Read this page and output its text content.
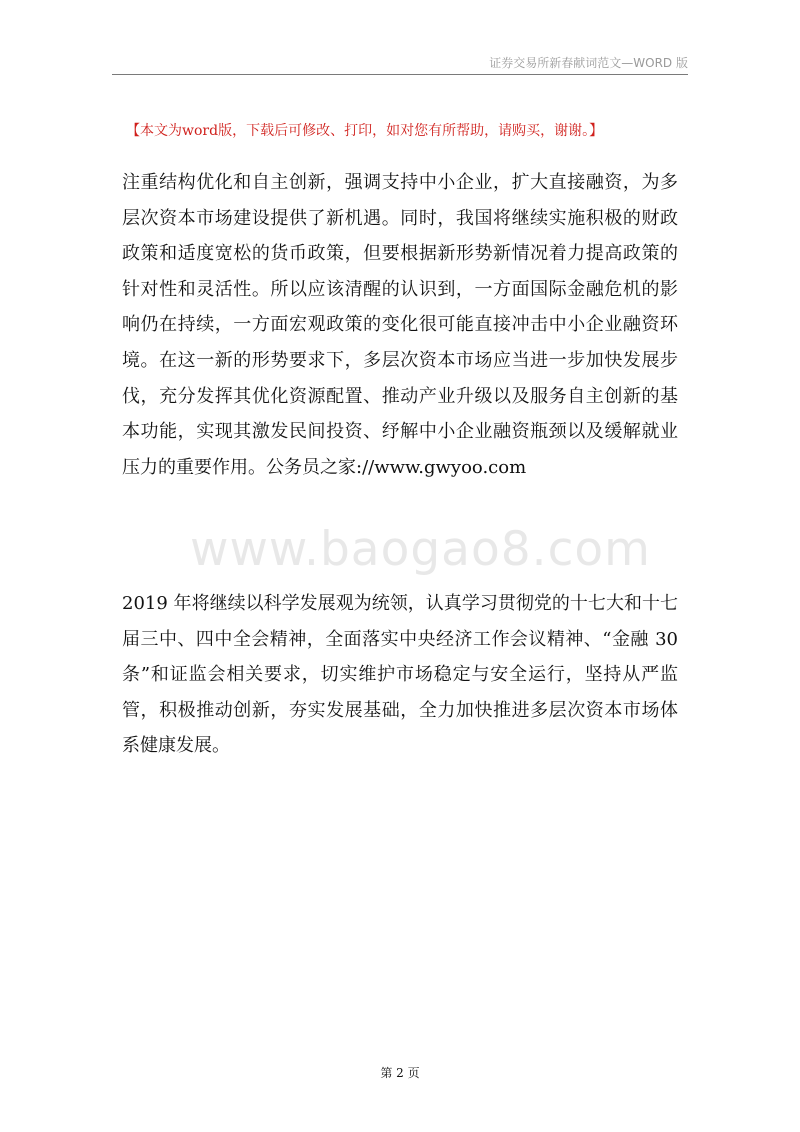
证券交易所新春献词范文—WORD 版
【本文为word版，下载后可修改、打印，如对您有所帮助，请购买，谢谢。】
www.baogao8.com

注重结构优化和自主创新，强调支持中小企业，扩大直接融资，为多层次资本市场建设提供了新机遇。同时，我国将继续实施积极的财政政策和适度宽松的货币政策，但要根据新形势新情况着力提高政策的针对性和灵活性。所以应该清醒的认识到，一方面国际金融危机的影响仍在持续，一方面宏观政策的变化很可能直接冲击中小企业融资环境。在这一新的形势要求下，多层次资本市场应当进一步加快发展步伐，充分发挥其优化资源配置、推动产业升级以及服务自主创新的基本功能，实现其激发民间投资、纾解中小企业融资瓶颈以及缓解就业压力的重要作用。公务员之家://www.gwyoo.com

2019 年将继续以科学发展观为统领，认真学习贯彻党的十七大和十七届三中、四中全会精神，全面落实中央经济工作会议精神、“金融 30 条”和证监会相关要求，切实维护市场稳定与安全运行，坚持从严监管，积极推动创新，夯实发展基础，全力加快推进多层次资本市场体系健康发展。

第 2 页
